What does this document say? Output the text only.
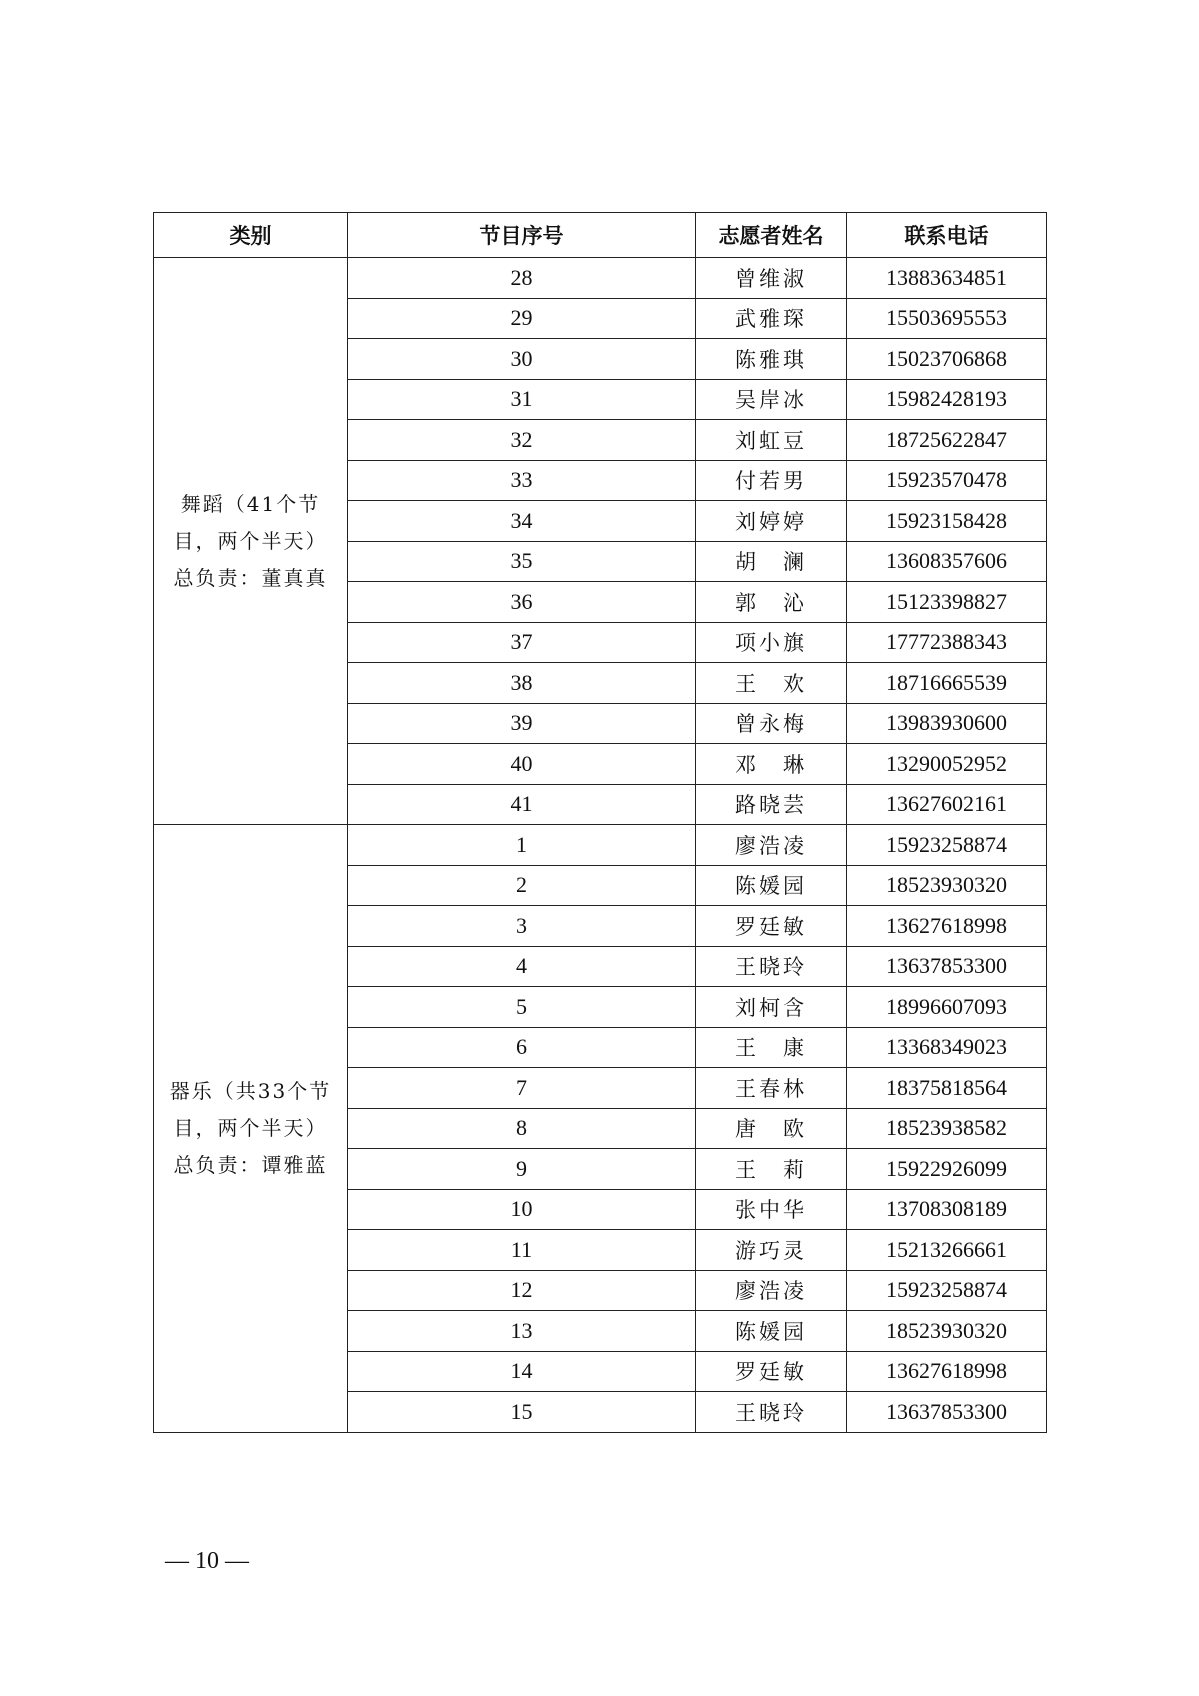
类别	节目序号	志愿者姓名	联系电话

舞蹈（41个节
目，两个半天）
总负责：董真真	28	曾维淑	13883634851
	29	武雅琛	15503695553
	30	陈雅琪	15023706868
	31	吴岸冰	15982428193
	32	刘虹豆	18725622847
	33	付若男	15923570478
	34	刘婷婷	15923158428
	35	胡　澜	13608357606
	36	郭　沁	15123398827
	37	项小旗	17772388343
	38	王　欢	18716665539
	39	曾永梅	13983930600
	40	邓　琳	13290052952
	41	路晓芸	13627602161

器乐（共33个节
目，两个半天）
总负责：谭雅蓝	1	廖浩凌	15923258874
	2	陈媛园	18523930320
	3	罗廷敏	13627618998
	4	王晓玲	13637853300
	5	刘柯含	18996607093
	6	王　康	13368349023
	7	王春林	18375818564
	8	唐　欧	18523938582
	9	王　莉	15922926099
	10	张中华	13708308189
	11	游巧灵	15213266661
	12	廖浩凌	15923258874
	13	陈媛园	18523930320
	14	罗廷敏	13627618998
	15	王晓玲	13637853300
— 10 —
